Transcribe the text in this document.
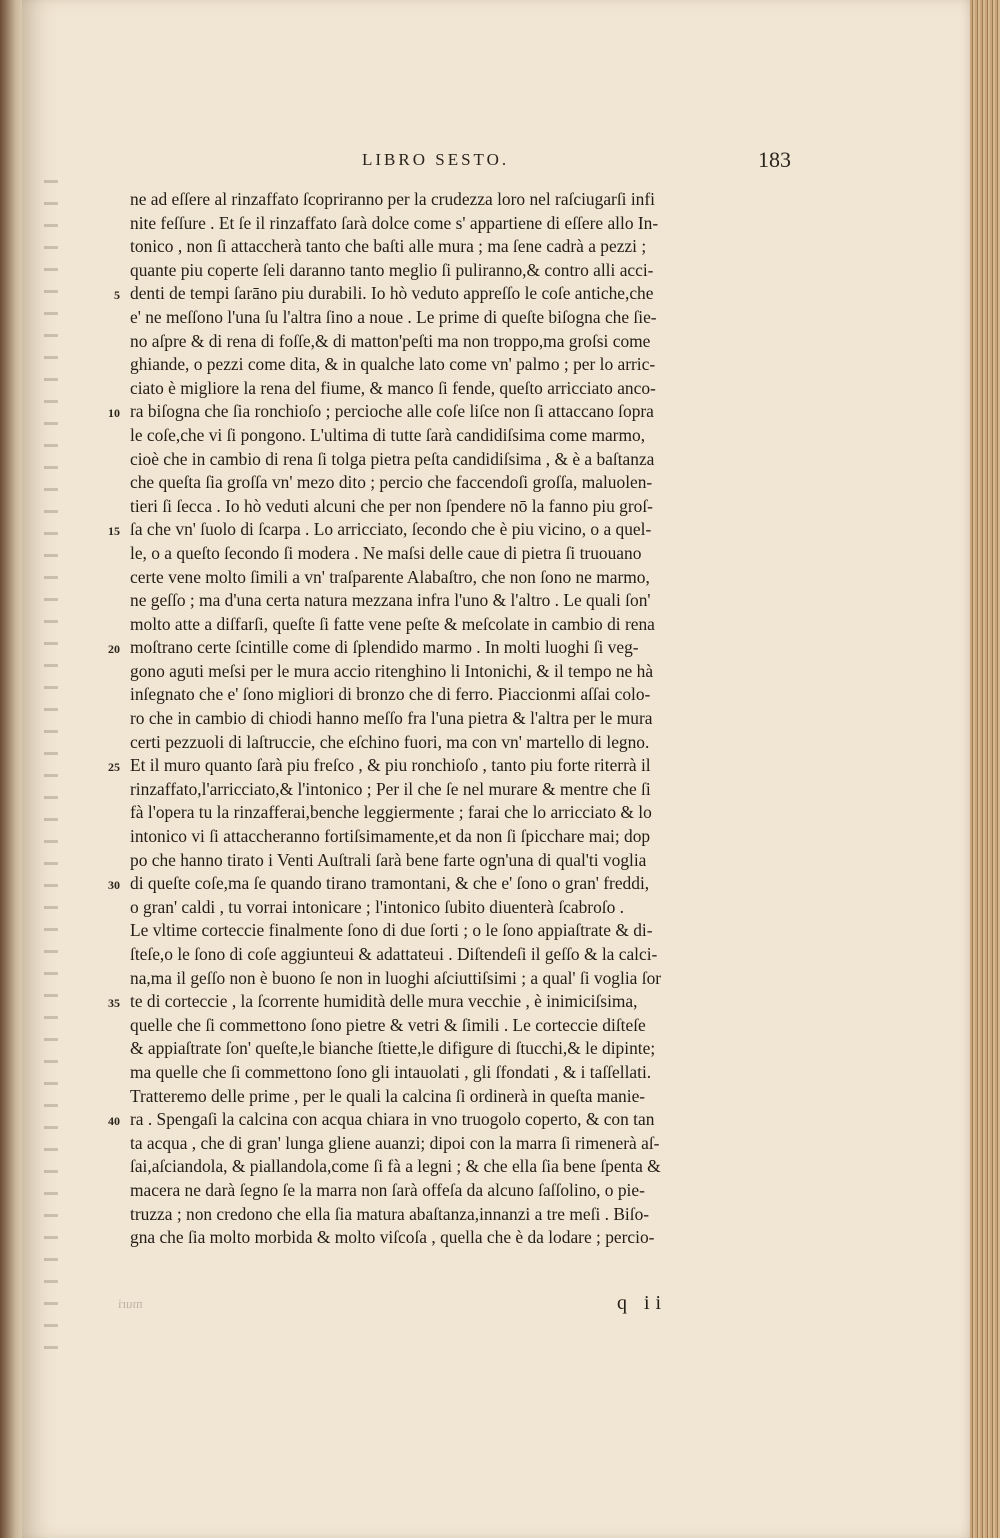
LIBRO SESTO.	183
5
10
15
20
25
30
35
40
ne ad eſſere al rinzaffato ſcopriranno per la crudezza loro nel raſciugarſi infi
nite feſſure . Et ſe il rinzaffato ſarà dolce come s' appartiene di eſſere allo In-
tonico , non ſi attaccherà tanto che baſti alle mura ; ma ſene cadrà a pezzi ;
quante piu coperte ſeli daranno tanto meglio ſi puliranno,& contro alli acci-
denti de tempi ſarāno piu durabili. Io hò veduto appreſſo le coſe antiche,che
e' ne meſſono l'una ſu l'altra ſino a noue . Le prime di queſte biſogna che ſie-
no aſpre & di rena di foſſe,& di matton'peſti ma non troppo,ma groſsi come
ghiande, o pezzi come dita, & in qualche lato come vn' palmo ; per lo arric-
ciato è migliore la rena del fiume, & manco ſi fende, queſto arricciato anco-
ra biſogna che ſia ronchioſo ; percioche alle coſe liſce non ſi attaccano ſopra
le coſe,che vi ſi pongono. L'ultima di tutte ſarà candidiſsima come marmo,
cioè che in cambio di rena ſi tolga pietra peſta candidiſsima , & è a baſtanza
che queſta ſia groſſa vn' mezo dito ; percio che faccendoſi groſſa, maluolen-
tieri ſi ſecca . Io hò veduti alcuni che per non ſpendere nō la fanno piu groſ-
ſa che vn' ſuolo di ſcarpa . Lo arricciato, ſecondo che è piu vicino, o a quel-
le, o a queſto ſecondo ſi modera . Ne maſsi delle caue di pietra ſi truouano
certe vene molto ſimili a vn' traſparente Alabaſtro, che non ſono ne marmo,
ne geſſo ; ma d'una certa natura mezzana infra l'uno & l'altro . Le quali ſon'
molto atte a diſfarſi, queſte ſi fatte vene peſte & meſcolate in cambio di rena
moſtrano certe ſcintille come di ſplendido marmo . In molti luoghi ſi veg-
gono aguti meſsi per le mura accio ritenghino li Intonichi, & il tempo ne hà
inſegnato che e' ſono migliori di bronzo che di ferro. Piaccionmi aſſai colo-
ro che in cambio di chiodi hanno meſſo fra l'una pietra & l'altra per le mura
certi pezzuoli di laſtruccie, che eſchino fuori, ma con vn' martello di legno.
Et il muro quanto ſarà piu freſco , & piu ronchioſo , tanto piu forte riterrà il
rinzaffato,l'arricciato,& l'intonico ; Per il che ſe nel murare & mentre che ſi
fà l'opera tu la rinzafferai,benche leggiermente ; farai che lo arricciato & lo
intonico vi ſi attaccheranno fortiſsimamente,et da non ſi ſpicchare mai; dop
po che hanno tirato i Venti Auſtrali ſarà bene farte ogn'una di qual'ti voglia
di queſte coſe,ma ſe quando tirano tramontani, & che e' ſono o gran' freddi,
o gran' caldi , tu vorrai intonicare ; l'intonico ſubito diuenterà ſcabroſo .
Le vltime corteccie finalmente ſono di due ſorti ; o le ſono appiaſtrate & di-
ſteſe,o le ſono di coſe aggiunteui & adattateui . Diſtendeſi il geſſo & la calci-
na,ma il geſſo non è buono ſe non in luoghi aſciuttiſsimi ; a qual' ſi voglia ſor
te di corteccie , la ſcorrente humidità delle mura vecchie , è inimiciſsima,
quelle che ſi commettono ſono pietre & vetri & ſimili . Le corteccie diſteſe
& appiaſtrate ſon' queſte,le bianche ſtiette,le difigure di ſtucchi,& le dipinte;
ma quelle che ſi commettono ſono gli intauolati , gli ſfondati , & i taſſellati.
Tratteremo delle prime , per le quali la calcina ſi ordinerà in queſta manie-
ra . Spengaſi la calcina con acqua chiara in vno truogolo coperto, & con tan
ta acqua , che di gran' lunga gliene auanzi; dipoi con la marra ſi rimenerà aſ-
ſai,aſciandola, & piallandola,come ſi fà a legni ; & che ella ſia bene ſpenta &
macera ne darà ſegno ſe la marra non ſarà offeſa da alcuno ſaſſolino, o pie-
truzza ; non credono che ella ſia matura abaſtanza,innanzi a tre meſi . Biſo-
gna che ſia molto morbida & molto viſcoſa , quella che è da lodare ; percio-
q ii
muri
